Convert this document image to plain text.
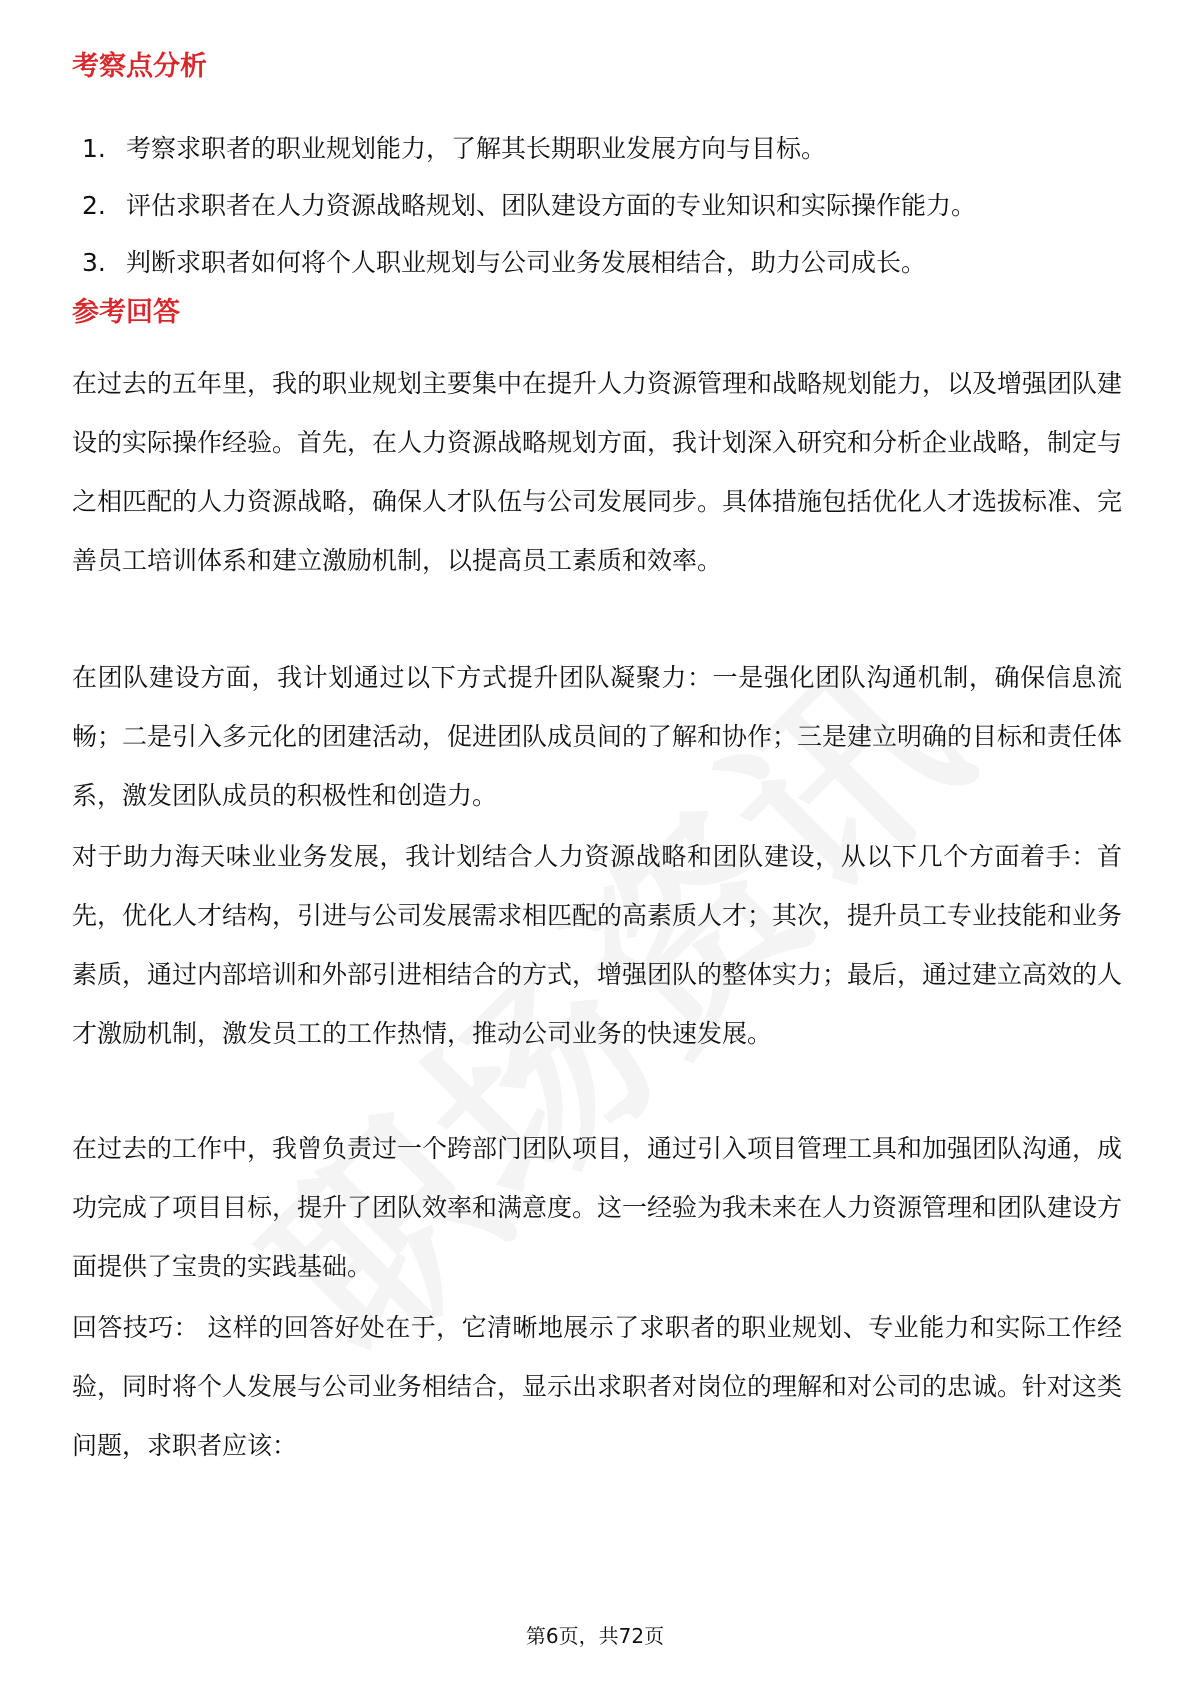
考察点分析
1. 考察求职者的职业规划能力，了解其长期职业发展方向与目标。
2. 评估求职者在人力资源战略规划、团队建设方面的专业知识和实际操作能力。
3. 判断求职者如何将个人职业规划与公司业务发展相结合，助力公司成长。
参考回答

在过去的五年里，我的职业规划主要集中在提升人力资源管理和战略规划能力，以及增强团队建设的实际操作经验。首先，在人力资源战略规划方面，我计划深入研究和分析企业战略，制定与之相匹配的人力资源战略，确保人才队伍与公司发展同步。具体措施包括优化人才选拔标准、完善员工培训体系和建立激励机制，以提高员工素质和效率。

在团队建设方面，我计划通过以下方式提升团队凝聚力：一是强化团队沟通机制，确保信息流畅；二是引入多元化的团建活动，促进团队成员间的了解和协作；三是建立明确的目标和责任体系，激发团队成员的积极性和创造力。

对于助力海天味业业务发展，我计划结合人力资源战略和团队建设，从以下几个方面着手：首先，优化人才结构，引进与公司发展需求相匹配的高素质人才；其次，提升员工专业技能和业务素质，通过内部培训和外部引进相结合的方式，增强团队的整体实力；最后，通过建立高效的人才激励机制，激发员工的工作热情，推动公司业务的快速发展。

在过去的工作中，我曾负责过一个跨部门团队项目，通过引入项目管理工具和加强团队沟通，成功完成了项目目标，提升了团队效率和满意度。这一经验为我未来在人力资源管理和团队建设方面提供了宝贵的实践基础。

回答技巧： 这样的回答好处在于，它清晰地展示了求职者的职业规划、专业能力和实际工作经验，同时将个人发展与公司业务相结合，显示出求职者对岗位的理解和对公司的忠诚。针对这类问题，求职者应该：

第6页，共72页
